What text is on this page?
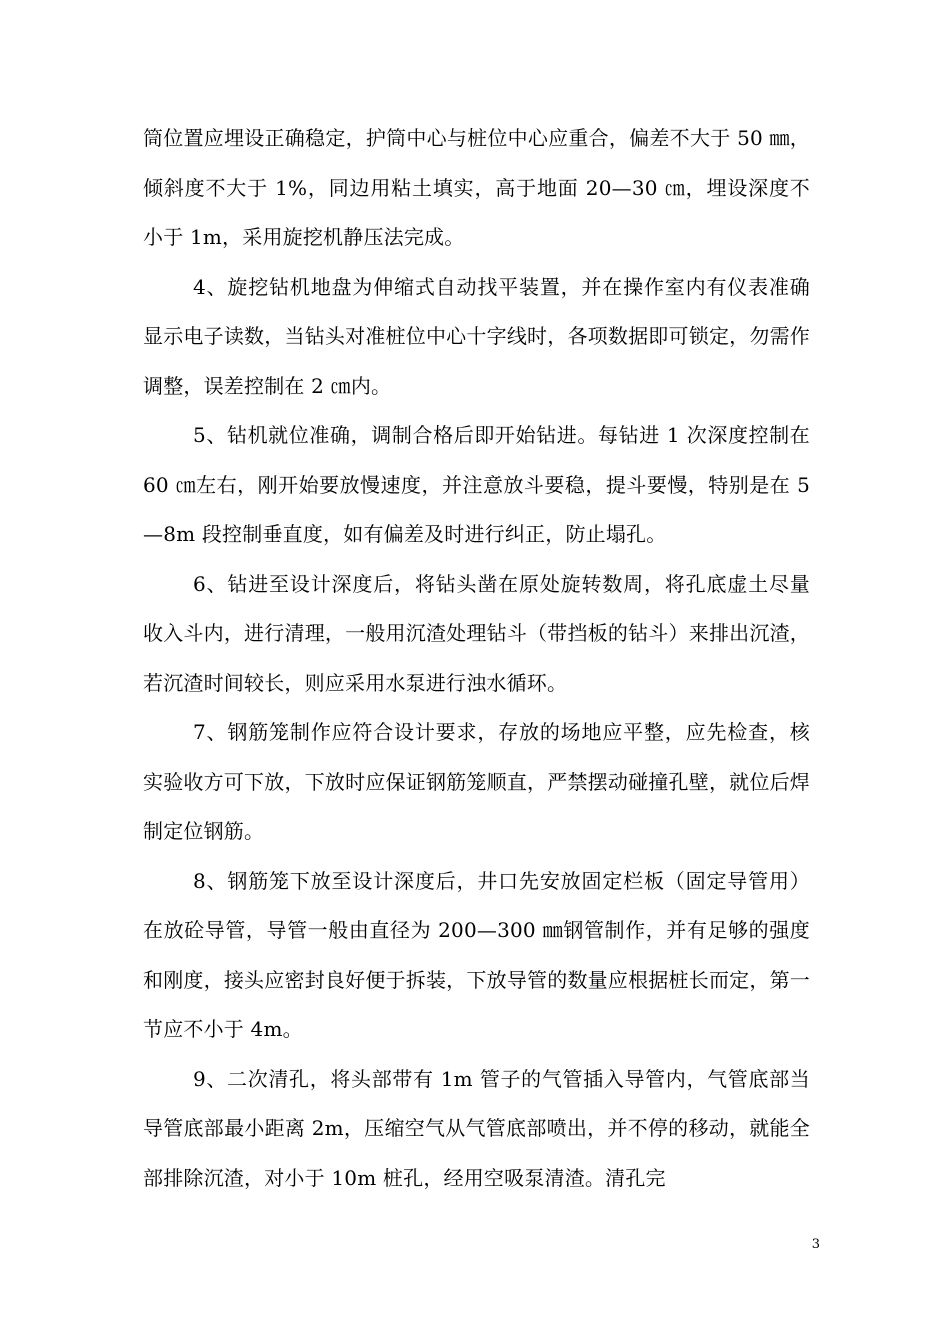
筒位置应埋设正确稳定，护筒中心与桩位中心应重合，偏差不大于 50 ㎜，倾斜度不大于 1%，同边用粘土填实，高于地面 20—30 ㎝，埋设深度不小于 1m，采用旋挖机静压法完成。

4、旋挖钻机地盘为伸缩式自动找平装置，并在操作室内有仪表准确显示电子读数，当钻头对准桩位中心十字线时，各项数据即可锁定，勿需作调整，误差控制在 2 ㎝内。

5、钻机就位准确，调制合格后即开始钻进。每钻进 1 次深度控制在 60 ㎝左右，刚开始要放慢速度，并注意放斗要稳，提斗要慢，特别是在 5—8m 段控制垂直度，如有偏差及时进行纠正，防止塌孔。

6、钻进至设计深度后，将钻头凿在原处旋转数周，将孔底虚土尽量收入斗内，进行清理，一般用沉渣处理钻斗（带挡板的钻斗）来排出沉渣，若沉渣时间较长，则应采用水泵进行浊水循环。

7、钢筋笼制作应符合设计要求，存放的场地应平整，应先检查，核实验收方可下放，下放时应保证钢筋笼顺直，严禁摆动碰撞孔壁，就位后焊制定位钢筋。

8、钢筋笼下放至设计深度后，井口先安放固定栏板（固定导管用）在放砼导管，导管一般由直径为 200—300 ㎜钢管制作，并有足够的强度和刚度，接头应密封良好便于拆装，下放导管的数量应根据桩长而定，第一节应不小于 4m。

9、二次清孔，将头部带有 1m 管子的气管插入导管内，气管底部当导管底部最小距离 2m，压缩空气从气管底部喷出，并不停的移动，就能全部排除沉渣，对小于 10m 桩孔，经用空吸泵清渣。清孔完

3
